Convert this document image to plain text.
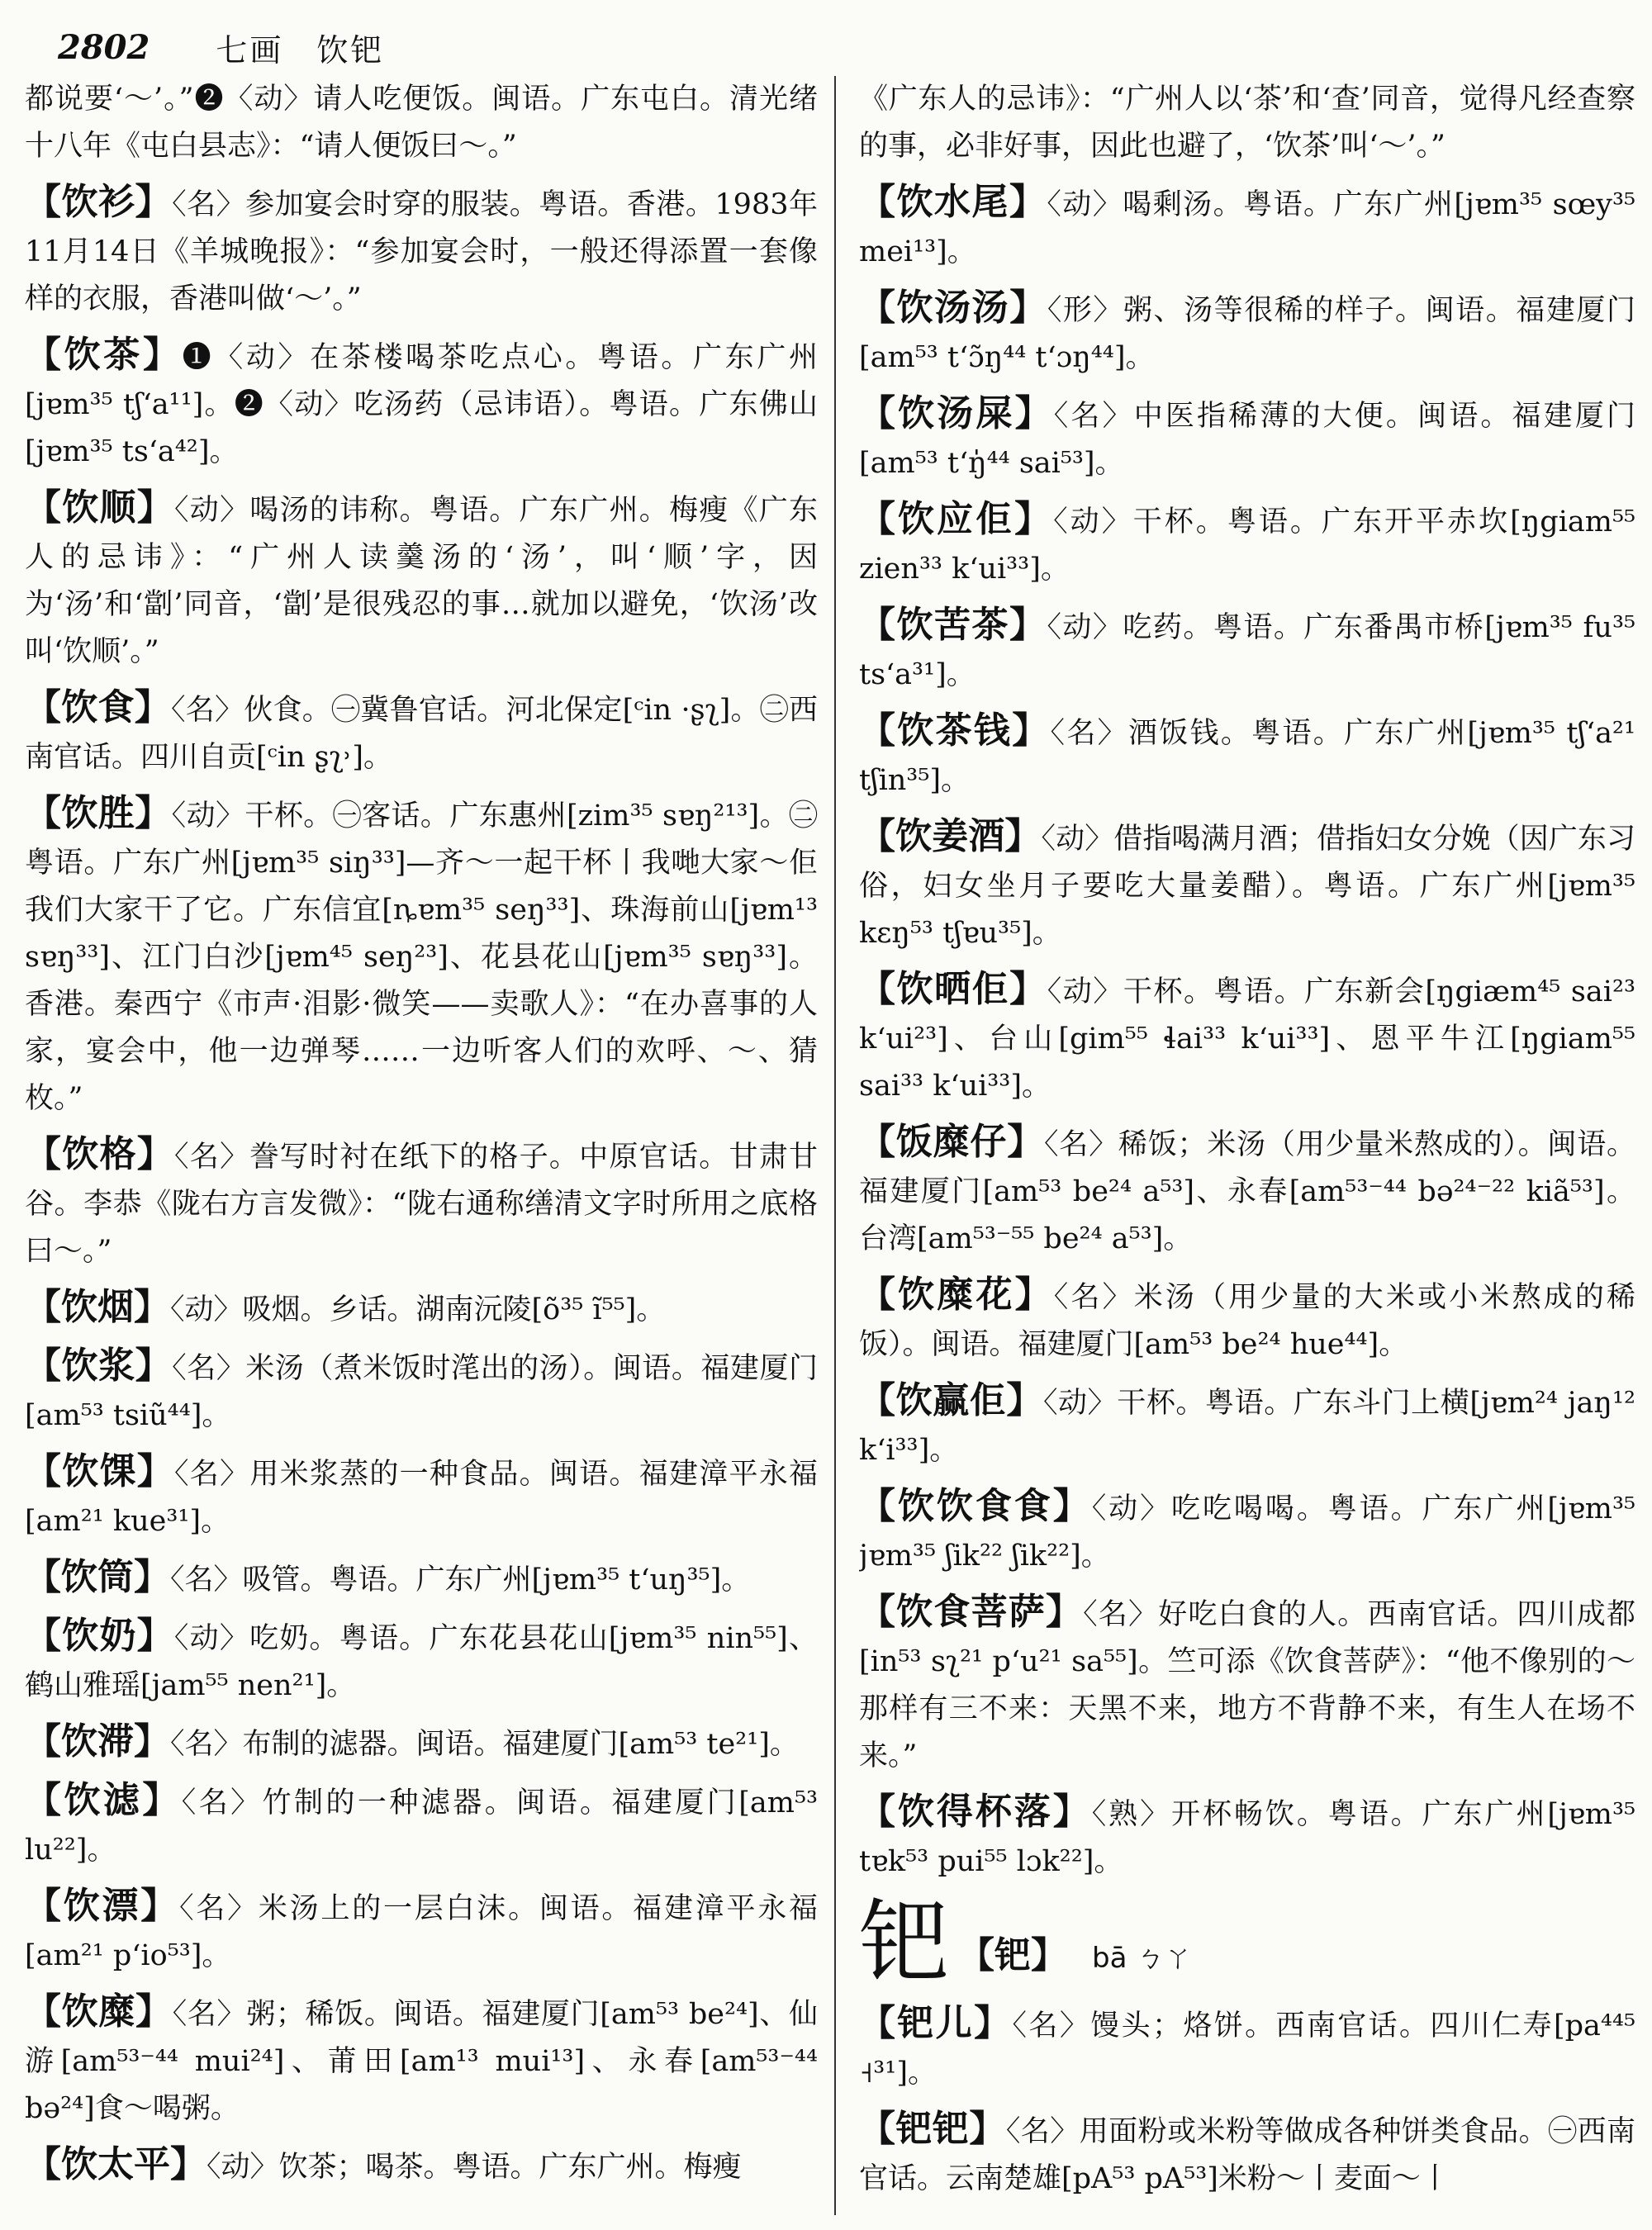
2802 七画 饮钯
都说要‘～’。”❷〈动〉请人吃便饭。闽语。广东屯白。清光绪十八年《屯白县志》：“请人便饭曰～。”
【饮衫】〈名〉参加宴会时穿的服装。粤语。香港。1983年11月14日《羊城晚报》：“参加宴会时，一般还得添置一套像样的衣服，香港叫做‘～’。”
【饮茶】❶〈动〉在茶楼喝茶吃点心。粤语。广东广州[jɐm³⁵ tʃ‘a¹¹]。❷〈动〉吃汤药（忌讳语）。粤语。广东佛山[jɐm³⁵ ts‘a⁴²]。
【饮顺】〈动〉喝汤的讳称。粤语。广东广州。梅瘦《广东人的忌讳》：“广州人读羹汤的‘汤’，叫‘顺’字，因为‘汤’和‘劏’同音，‘劏’是很残忍的事…就加以避免，‘饮汤’改叫‘饮顺’。”
【饮食】〈名〉伙食。㊀冀鲁官话。河北保定[ᶜin ·ʂʅ]。㊁西南官话。四川自贡[ᶜin ʂʅ˒]。
【饮胜】〈动〉干杯。㊀客话。广东惠州[zim³⁵ sɐŋ²¹³]。㊁粤语。广东广州[jɐm³⁵ siŋ³³]—齐～一起干杯丨我哋大家～佢我们大家干了它。广东信宜[ȵɐm³⁵ seŋ³³]、珠海前山[jɐm¹³ sɐŋ³³]、江门白沙[jɐm⁴⁵ seŋ²³]、花县花山[jɐm³⁵ sɐŋ³³]。香港。秦西宁《市声·泪影·微笑——卖歌人》：“在办喜事的人家，宴会中，他一边弹琴……一边听客人们的欢呼、～、猜枚。”
【饮格】〈名〉誊写时衬在纸下的格子。中原官话。甘肃甘谷。李恭《陇右方言发微》：“陇右通称缮清文字时所用之底格曰～。”
【饮烟】〈动〉吸烟。乡话。湖南沅陵[õ³⁵ ĩ⁵⁵]。
【饮浆】〈名〉米汤（煮米饭时滗出的汤）。闽语。福建厦门[am⁵³ tsiũ⁴⁴]。
【饮馃】〈名〉用米浆蒸的一种食品。闽语。福建漳平永福[am²¹ kue³¹]。
【饮筒】〈名〉吸管。粤语。广东广州[jɐm³⁵ t‘uŋ³⁵]。
【饮奶】〈动〉吃奶。粤语。广东花县花山[jɐm³⁵ nin⁵⁵]、鹤山雅瑶[jam⁵⁵ nen²¹]。
【饮滞】〈名〉布制的滤器。闽语。福建厦门[am⁵³ te²¹]。
【饮滤】〈名〉竹制的一种滤器。闽语。福建厦门[am⁵³ lu²²]。
【饮漂】〈名〉米汤上的一层白沫。闽语。福建漳平永福[am²¹ p‘io⁵³]。
【饮糜】〈名〉粥；稀饭。闽语。福建厦门[am⁵³ be²⁴]、仙游[am⁵³⁻⁴⁴ mui²⁴]、莆田[am¹³ mui¹³]、永春[am⁵³⁻⁴⁴ bə²⁴]食～喝粥。
【饮太平】〈动〉饮茶；喝茶。粤语。广东广州。梅瘦
《广东人的忌讳》：“广州人以‘茶’和‘查’同音，觉得凡经查察的事，必非好事，因此也避了，‘饮茶’叫‘～’。”
【饮水尾】〈动〉喝剩汤。粤语。广东广州[jɐm³⁵ sœy³⁵ mei¹³]。
【饮汤汤】〈形〉粥、汤等很稀的样子。闽语。福建厦门[am⁵³ t‘ɔ̃ŋ⁴⁴ t‘ɔŋ⁴⁴]。
【饮汤屎】〈名〉中医指稀薄的大便。闽语。福建厦门[am⁵³ t‘ŋ̍⁴⁴ sai⁵³]。
【饮应佢】〈动〉干杯。粤语。广东开平赤坎[ŋgiam⁵⁵ zien³³ k‘ui³³]。
【饮苦茶】〈动〉吃药。粤语。广东番禺市桥[jɐm³⁵ fu³⁵ ts‘a³¹]。
【饮茶钱】〈名〉酒饭钱。粤语。广东广州[jɐm³⁵ tʃ‘a²¹ tʃin³⁵]。
【饮姜酒】〈动〉借指喝满月酒；借指妇女分娩（因广东习俗，妇女坐月子要吃大量姜醋）。粤语。广东广州[jɐm³⁵ kɛŋ⁵³ tʃɐu³⁵]。
【饮晒佢】〈动〉干杯。粤语。广东新会[ŋgiæm⁴⁵ sai²³ k‘ui²³]、台山[gim⁵⁵ ɬai³³ k‘ui³³]、恩平牛江[ŋgiam⁵⁵ sai³³ k‘ui³³]。
【饭糜仔】〈名〉稀饭；米汤（用少量米熬成的）。闽语。福建厦门[am⁵³ be²⁴ a⁵³]、永春[am⁵³⁻⁴⁴ bə²⁴⁻²² kiã⁵³]。台湾[am⁵³⁻⁵⁵ be²⁴ a⁵³]。
【饮糜花】〈名〉米汤（用少量的大米或小米熬成的稀饭）。闽语。福建厦门[am⁵³ be²⁴ hue⁴⁴]。
【饮赢佢】〈动〉干杯。粤语。广东斗门上横[jɐm²⁴ jaŋ¹² k‘i³³]。
【饮饮食食】〈动〉吃吃喝喝。粤语。广东广州[jɐm³⁵ jɐm³⁵ ʃik²² ʃik²²]。
【饮食菩萨】〈名〉好吃白食的人。西南官话。四川成都[in⁵³ sʅ²¹ p‘u²¹ sa⁵⁵]。竺可添《饮食菩萨》：“他不像别的～那样有三不来：天黑不来，地方不背静不来，有生人在场不来。”
【饮得杯落】〈熟〉开杯畅饮。粤语。广东广州[jɐm³⁵ tɐk⁵³ pui⁵⁵ lɔk²²]。
钯 【钯】 bā ㄅㄚ
【钯儿】〈名〉馒头；烙饼。西南官话。四川仁寿[pa⁴⁴⁵ ˧³¹]。
【钯钯】〈名〉用面粉或米粉等做成各种饼类食品。㊀西南官话。云南楚雄[pA⁵³ pA⁵³]米粉～丨麦面～丨
